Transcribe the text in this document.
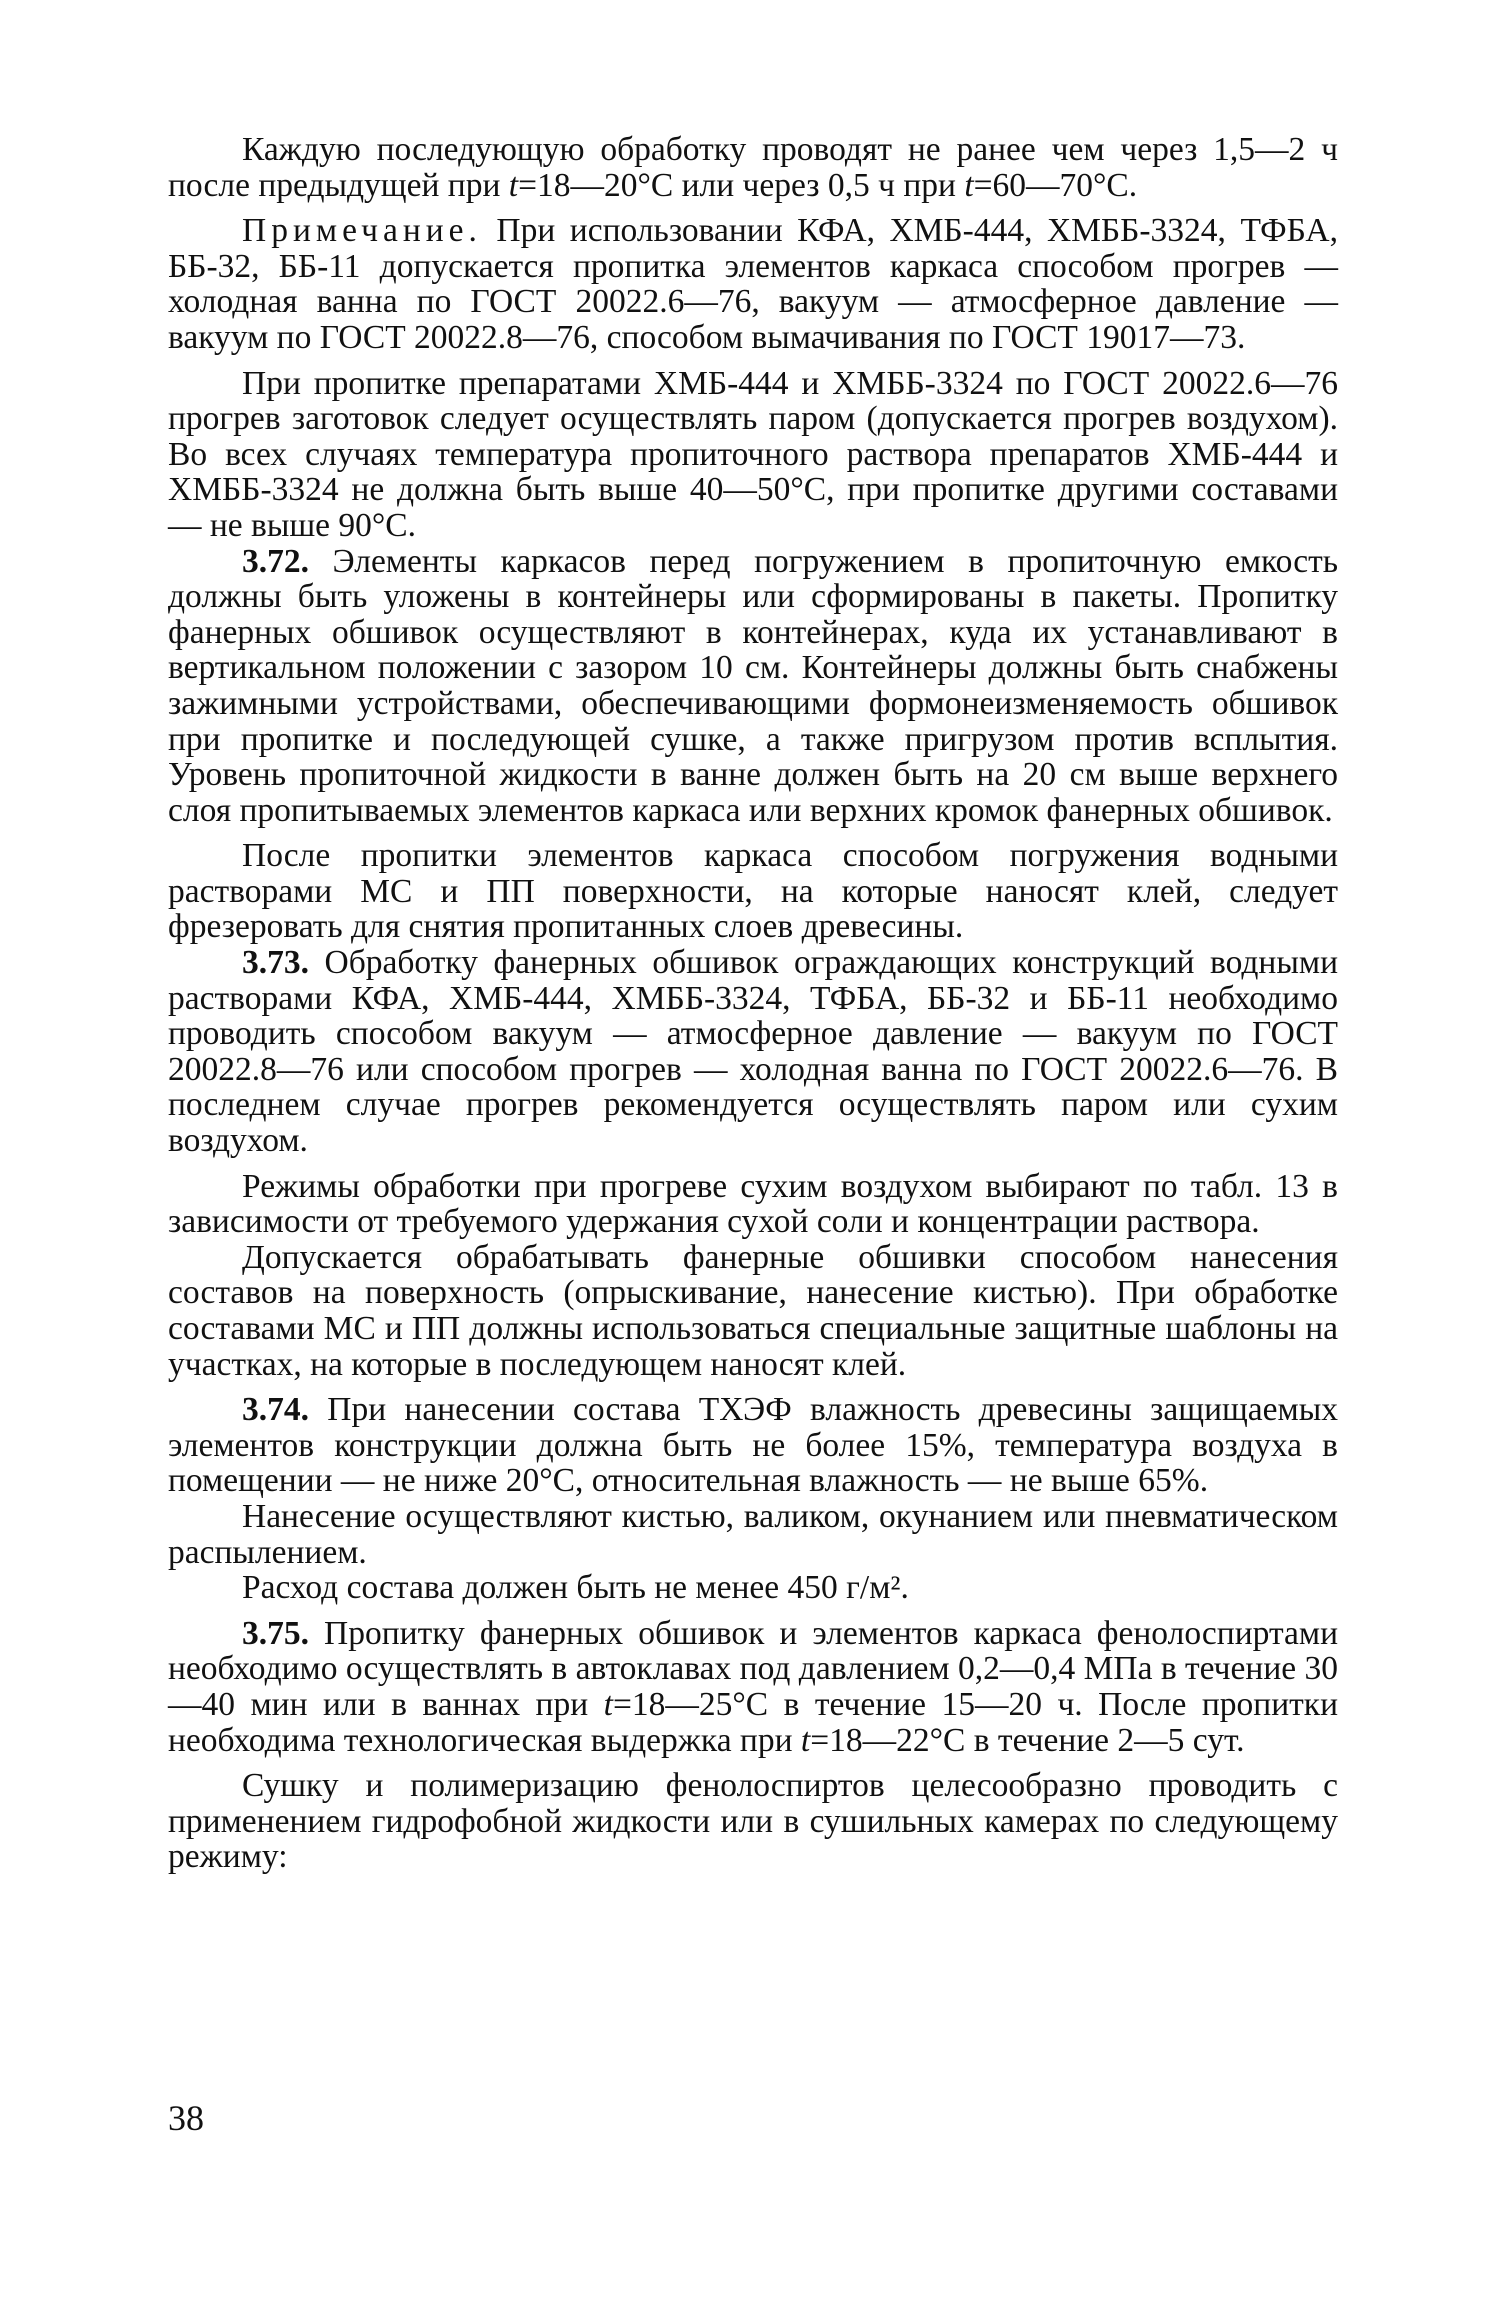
Каждую последующую обработку проводят не ранее чем через 1,5—2 ч после предыдущей при t=18—20°С или через 0,5 ч при t=60—70°С.

Примечание. При использовании КФА, ХМБ-444, ХМББ-3324, ТФБА, ББ-32, ББ-11 допускается пропитка элементов каркаса способом прогрев — холодная ванна по ГОСТ 20022.6—76, вакуум — атмосферное давление — вакуум по ГОСТ 20022.8—76, способом вымачивания по ГОСТ 19017—73.

При пропитке препаратами ХМБ-444 и ХМББ-3324 по ГОСТ 20022.6—76 прогрев заготовок следует осуществлять паром (допускается прогрев воздухом). Во всех случаях температура пропиточного раствора препаратов ХМБ-444 и ХМББ-3324 не должна быть выше 40—50°С, при пропитке другими составами — не выше 90°С.

3.72. Элементы каркасов перед погружением в пропиточную емкость должны быть уложены в контейнеры или сформированы в пакеты. Пропитку фанерных обшивок осуществляют в контейнерах, куда их устанавливают в вертикальном положении с зазором 10 см. Контейнеры должны быть снабжены зажимными устройствами, обеспечивающими формонеизменяемость обшивок при пропитке и последующей сушке, а также пригрузом против всплытия. Уровень пропиточной жидкости в ванне должен быть на 20 см выше верхнего слоя пропитываемых элементов каркаса или верхних кромок фанерных обшивок.

После пропитки элементов каркаса способом погружения водными растворами МС и ПП поверхности, на которые наносят клей, следует фрезеровать для снятия пропитанных слоев древесины.

3.73. Обработку фанерных обшивок ограждающих конструкций водными растворами КФА, ХМБ-444, ХМББ-3324, ТФБА, ББ-32 и ББ-11 необходимо проводить способом вакуум — атмосферное давление — вакуум по ГОСТ 20022.8—76 или способом прогрев — холодная ванна по ГОСТ 20022.6—76. В последнем случае прогрев рекомендуется осуществлять паром или сухим воздухом.

Режимы обработки при прогреве сухим воздухом выбирают по табл. 13 в зависимости от требуемого удержания сухой соли и концентрации раствора.

Допускается обрабатывать фанерные обшивки способом нанесения составов на поверхность (опрыскивание, нанесение кистью). При обработке составами МС и ПП должны использоваться специальные защитные шаблоны на участках, на которые в последующем наносят клей.

3.74. При нанесении состава ТХЭФ влажность древесины защищаемых элементов конструкции должна быть не более 15%, температура воздуха в помещении — не ниже 20°С, относительная влажность — не выше 65%.

Нанесение осуществляют кистью, валиком, окунанием или пневматическом распылением.

Расход состава должен быть не менее 450 г/м².

3.75. Пропитку фанерных обшивок и элементов каркаса фенолоспиртами необходимо осуществлять в автоклавах под давлением 0,2—0,4 МПа в течение 30—40 мин или в ваннах при t=18—25°С в течение 15—20 ч. После пропитки необходима технологическая выдержка при t=18—22°С в течение 2—5 сут.

Сушку и полимеризацию фенолоспиртов целесообразно проводить с применением гидрофобной жидкости или в сушильных камерах по следующему режиму:

38
